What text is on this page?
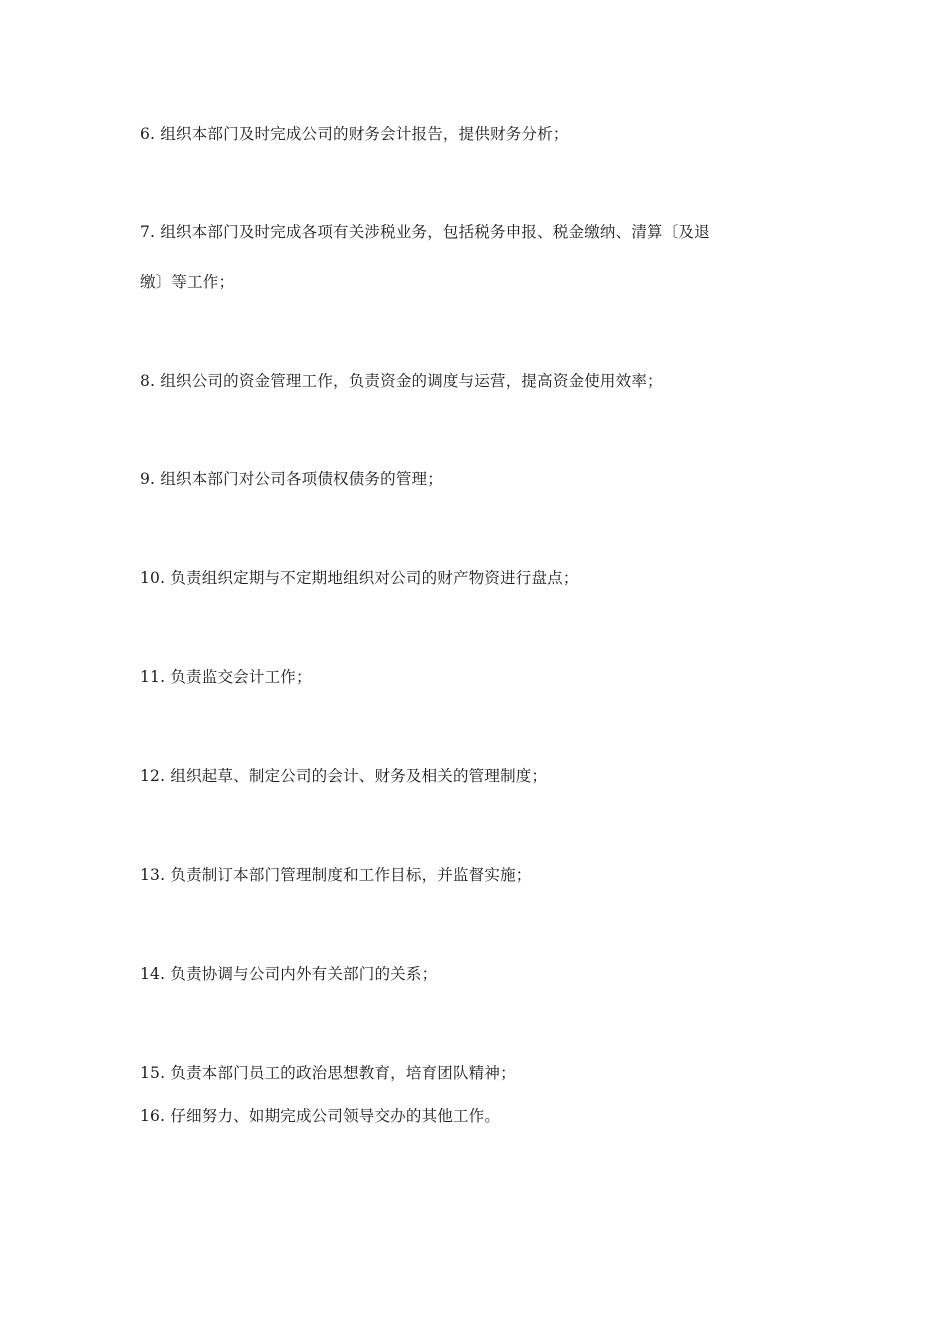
6. 组织本部门及时完成公司的财务会计报告，提供财务分析；
7. 组织本部门及时完成各项有关涉税业务，包括税务申报、税金缴纳、清算〔及退
缴〕等工作；
8. 组织公司的资金管理工作，负责资金的调度与运营，提高资金使用效率；
9. 组织本部门对公司各项债权债务的管理；
10. 负责组织定期与不定期地组织对公司的财产物资进行盘点；
11. 负责监交会计工作；
12. 组织起草、制定公司的会计、财务及相关的管理制度；
13. 负责制订本部门管理制度和工作目标，并监督实施；
14. 负责协调与公司内外有关部门的关系；
15. 负责本部门员工的政治思想教育，培育团队精神；
16. 仔细努力、如期完成公司领导交办的其他工作。
